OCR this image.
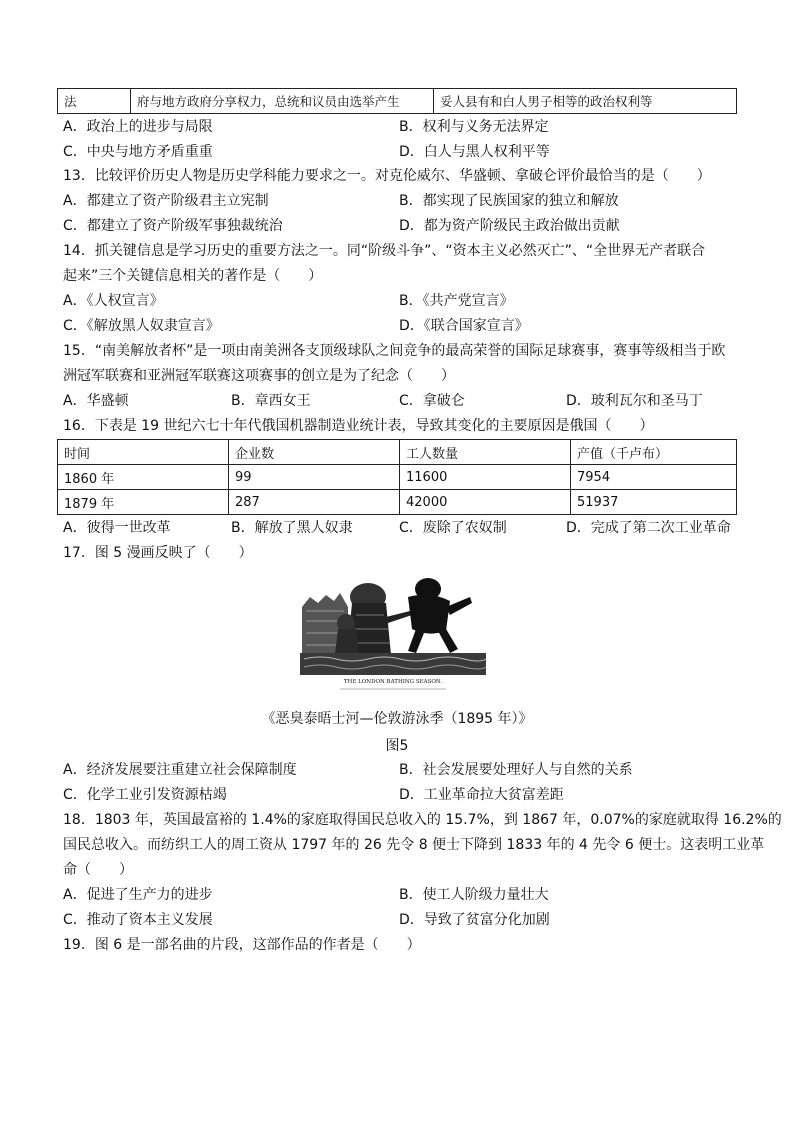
法	府与地方政府分享权力，总统和议员由选举产生	妥人县有和白人男子相等的政治权利等
A．政治上的进步与局限	B．权利与义务无法界定
C．中央与地方矛盾重重	D．白人与黑人权利平等
13．比较评价历史人物是历史学科能力要求之一。对克伦威尔、华盛顿、拿破仑评价最恰当的是（　　）
A．都建立了资产阶级君主立宪制	B．都实现了民族国家的独立和解放
C．都建立了资产阶级军事独裁统治	D．都为资产阶级民主政治做出贡献
14．抓关键信息是学习历史的重要方法之一。同“阶级斗争”、“资本主义必然灭亡”、“全世界无产者联合
起来”三个关键信息相关的著作是（　　）
A．《人权宣言》	B．《共产党宣言》
C．《解放黑人奴隶宣言》	D．《联合国家宣言》
15．“南美解放者杯”是一项由南美洲各支顶级球队之间竞争的最高荣誉的国际足球赛事，赛事等级相当于欧
洲冠军联赛和亚洲冠军联赛这项赛事的创立是为了纪念（　　）
A．华盛顿	B．章西女王	C．拿破仑	D．玻利瓦尔和圣马丁
16．下表是 19 世纪六七十年代俄国机器制造业统计表，导致其变化的主要原因是俄国（　　）
时间	企业数	工人数量	产值（千卢布）
1860 年	99	11600	7954
1879 年	287	42000	51937
A．彼得一世改革	B．解放了黑人奴隶	C．废除了农奴制	D．完成了第二次工业革命
17．图 5 漫画反映了（　　）
THE LONDON BATHING SEASON.
《恶臭泰晤士河—伦敦游泳季（1895 年）》
图5
A．经济发展要注重建立社会保障制度	B．社会发展要处理好人与自然的关系
C．化学工业引发资源枯竭	D．工业革命拉大贫富差距
18．1803 年，英国最富裕的 1.4%的家庭取得国民总收入的 15.7%，到 1867 年，0.07%的家庭就取得 16.2%的
国民总收入。而纺织工人的周工资从 1797 年的 26 先令 8 便士下降到 1833 年的 4 先令 6 便士。这表明工业革
命（　　）
A．促进了生产力的进步	B．使工人阶级力量壮大
C．推动了资本主义发展	D．导致了贫富分化加剧
19．图 6 是一部名曲的片段，这部作品的作者是（　　）
